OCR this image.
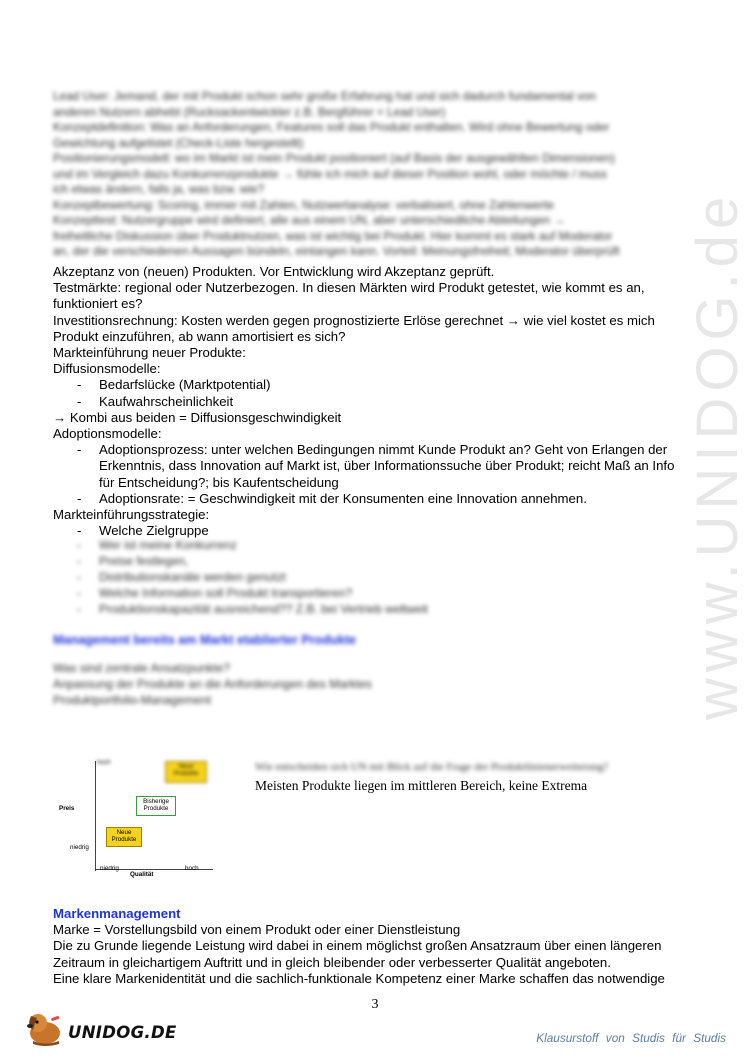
www.UNIDOG.de

Lead User: Jemand, der mit Produkt schon sehr große Erfahrung hat und sich dadurch fundamental von

anderen Nutzern abhebt (Rucksackentwickler z.B. Bergführer = Lead User)

Konzeptdefinition: Was an Anforderungen, Features soll das Produkt enthalten. Wird ohne Bewertung oder

Gewichtung aufgelistet (Check-Liste hergestellt)

Positionierungsmodell: wo im Markt ist mein Produkt positioniert (auf Basis der ausgewählten Dimensionen)

und im Vergleich dazu Konkurrenzprodukte → fühle ich mich auf dieser Position wohl, oder möchte / muss

ich etwas ändern, falls ja, was bzw. wie?

Konzeptbewertung: Scoring, immer mit Zahlen, Nutzwertanalyse: verbalisiert, ohne Zahlenwerte

Konzepttest: Nutzergruppe wird definiert, alle aus einem UN, aber unterschiedliche Abteilungen →

freiheitliche Diskussion über Produktnutzen, was ist wichtig bei Produkt. Hier kommt es stark auf Moderator

an, der die verschiedenen Aussagen bündeln, eintangen kann. Vorteil: Meinungsfreiheit; Moderator überprüft

Akzeptanz von (neuen) Produkten. Vor Entwicklung wird Akzeptanz geprüft.

Testmärkte: regional oder Nutzerbezogen. In diesen Märkten wird Produkt getestet, wie kommt es an, funktioniert es?

Investitionsrechnung: Kosten werden gegen prognostizierte Erlöse gerechnet → wie viel kostet es mich Produkt einzuführen, ab wann amortisiert es sich?

Markteinführung neuer Produkte:

Diffusionsmodelle:

- Bedarfslücke (Marktpotential)
- Kaufwahrscheinlichkeit

→ Kombi aus beiden = Diffusionsgeschwindigkeit

Adoptionsmodelle:

- Adoptionsprozess: unter welchen Bedingungen nimmt Kunde Produkt an? Geht von Erlangen der Erkenntnis, dass Innovation auf Markt ist, über Informationssuche über Produkt; reicht Maß an Info für Entscheidung?; bis Kaufentscheidung
- Adoptionsrate: = Geschwindigkeit mit der Konsumenten eine Innovation annehmen.

Markteinführungsstrategie:

- Welche Zielgruppe
- Wer ist meine Konkurrenz
- Preise festlegen,
- Distributionskanäle werden genutzt
- Welche Information soll Produkt transportieren?
- Produktionskapazität ausreichend?? Z.B. bei Vertrieb weltweit

Management bereits am Markt etablierter Produkte

Was sind zentrale Ansatzpunkte?

Anpassung der Produkte an die Anforderungen des Marktes

Produktportfolio-Management

hoch
Preis
niedrig
niedrig
Qualität
hoch
Neue Produkte
Bisherige Produkte
Neue Produkte

Wie entscheiden sich UN mit Blick auf die Frage der Produktlinienerweiterung?

Meisten Produkte liegen im mittleren Bereich, keine Extrema

Markenmanagement

Marke = Vorstellungsbild von einem Produkt oder einer Dienstleistung

Die zu Grunde liegende Leistung wird dabei in einem möglichst großen Ansatzraum über einen längeren Zeitraum in gleichartigem Auftritt und in gleich bleibender oder verbesserter Qualität angeboten.

Eine klare Markenidentität und die sachlich-funktionale Kompetenz einer Marke schaffen das notwendige

3
UNIDOG.DE	Klausurstoff von Studis für Studis
